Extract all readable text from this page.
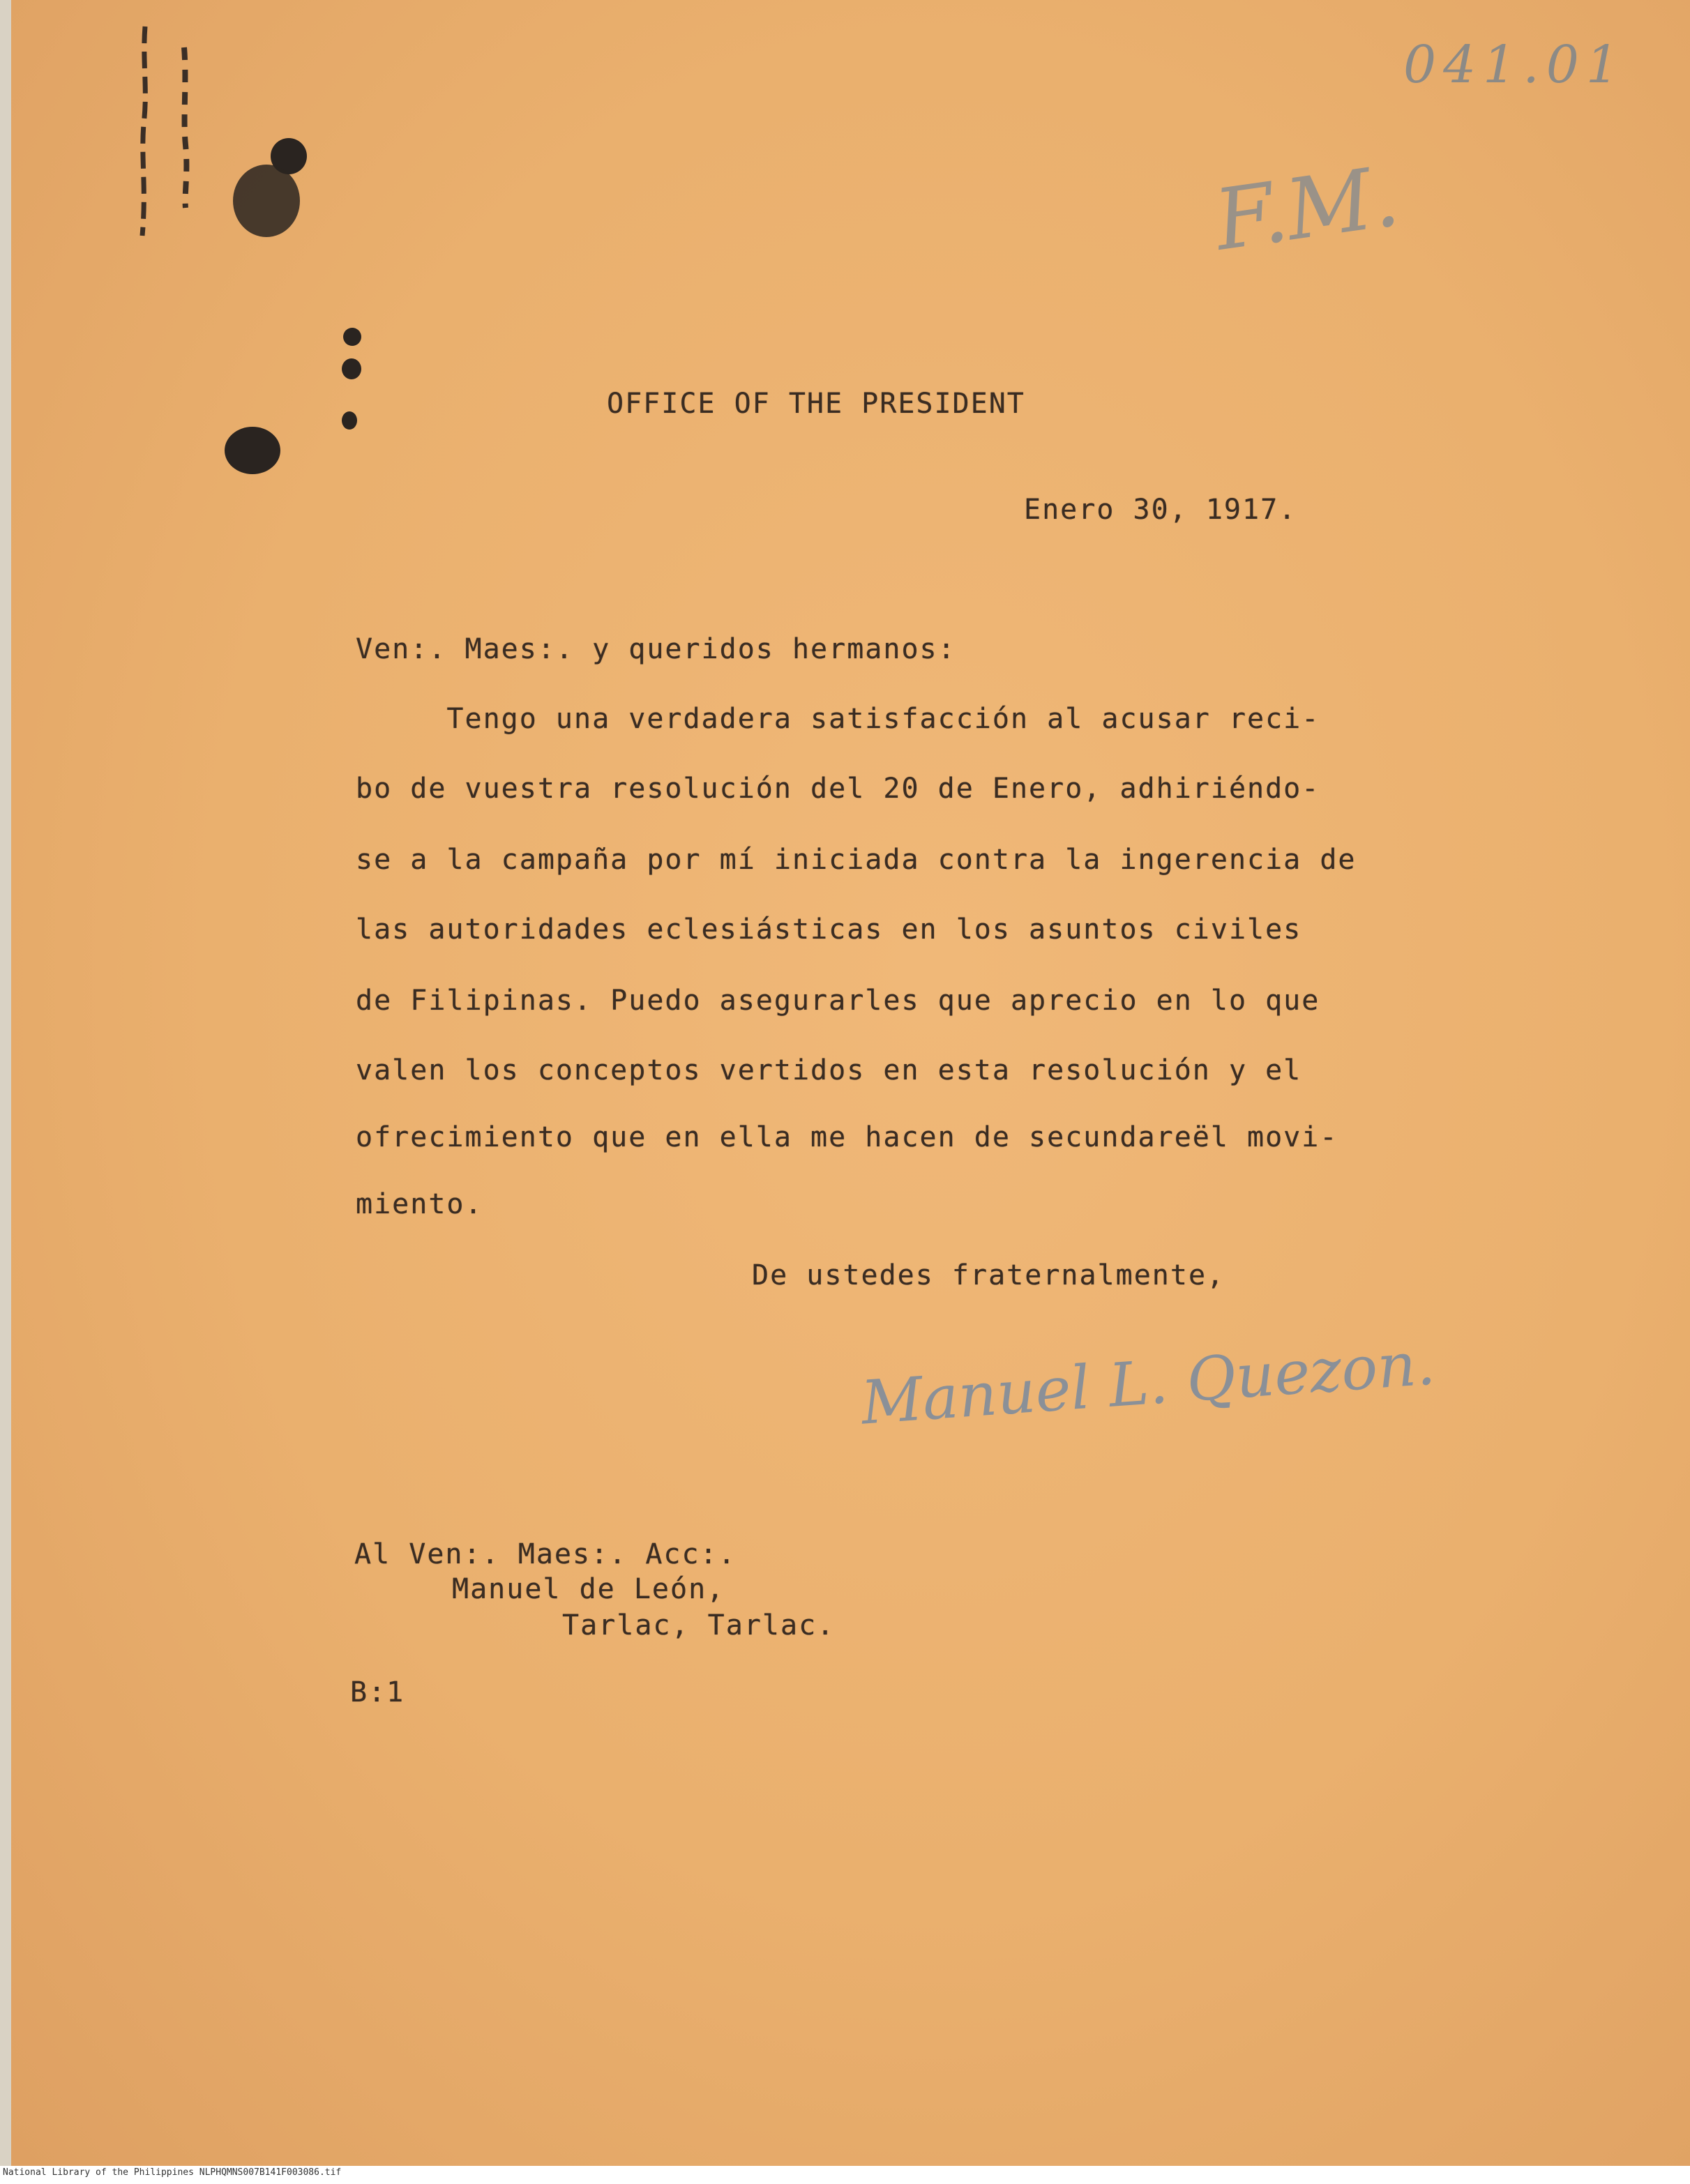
041.01
F.M.
OFFICE OF THE PRESIDENT
Enero 30, 1917.
Ven:. Maes:. y queridos hermanos:
Tengo una verdadera satisfacción al acusar reci-
bo de vuestra resolución del 20 de Enero, adhiriéndo-
se a la campaña por mí iniciada contra la ingerencia de
las autoridades eclesiásticas en los asuntos civiles
de Filipinas. Puedo asegurarles que aprecio en lo que
valen los conceptos vertidos en esta resolución y el
ofrecimiento que en ella me hacen de secundareël movi-
miento.
De ustedes fraternalmente,
Manuel L. Quezon.
Al Ven:. Maes:. Acc:.
Manuel de León,
Tarlac, Tarlac.
B:1
National Library of the Philippines NLPHQMNS007B141F003086.tif
